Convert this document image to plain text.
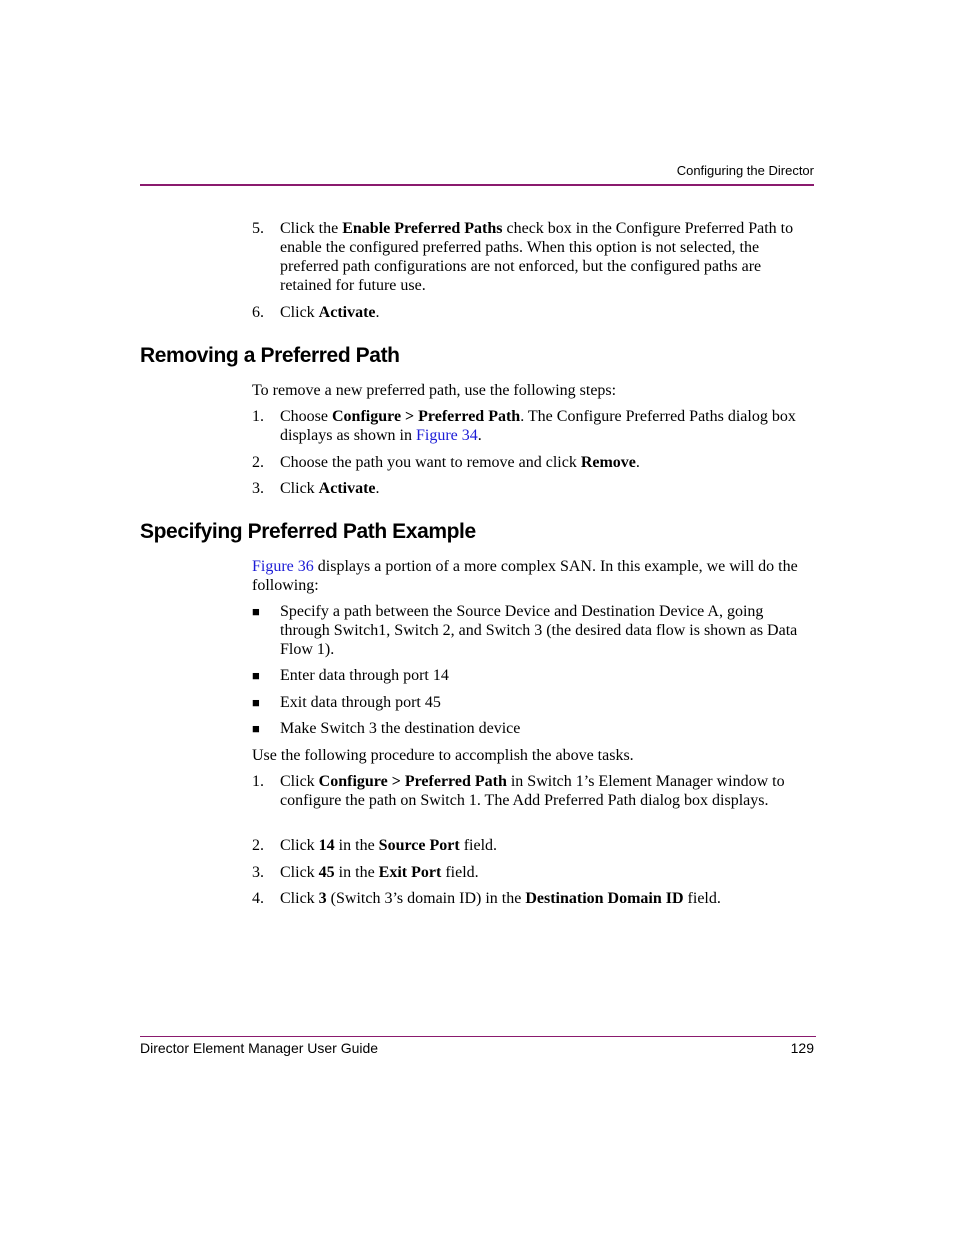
Configuring the Director
5. Click the Enable Preferred Paths check box in the Configure Preferred Path to enable the configured preferred paths. When this option is not selected, the preferred path configurations are not enforced, but the configured paths are retained for future use.
6. Click Activate.
Removing a Preferred Path

To remove a new preferred path, use the following steps:

1. Choose Configure > Preferred Path. The Configure Preferred Paths dialog box displays as shown in Figure 34.
2. Choose the path you want to remove and click Remove.
3. Click Activate.
Specifying Preferred Path Example

Figure 36 displays a portion of a more complex SAN. In this example, we will do the following:

■ Specify a path between the Source Device and Destination Device A, going through Switch1, Switch 2, and Switch 3 (the desired data flow is shown as Data Flow 1).
■ Enter data through port 14
■ Exit data through port 45
■ Make Switch 3 the destination device

Use the following procedure to accomplish the above tasks.

1. Click Configure > Preferred Path in Switch 1’s Element Manager window to configure the path on Switch 1. The Add Preferred Path dialog box displays.
2. Click 14 in the Source Port field.
3. Click 45 in the Exit Port field.
4. Click 3 (Switch 3’s domain ID) in the Destination Domain ID field.
Director Element Manager User Guide	129
